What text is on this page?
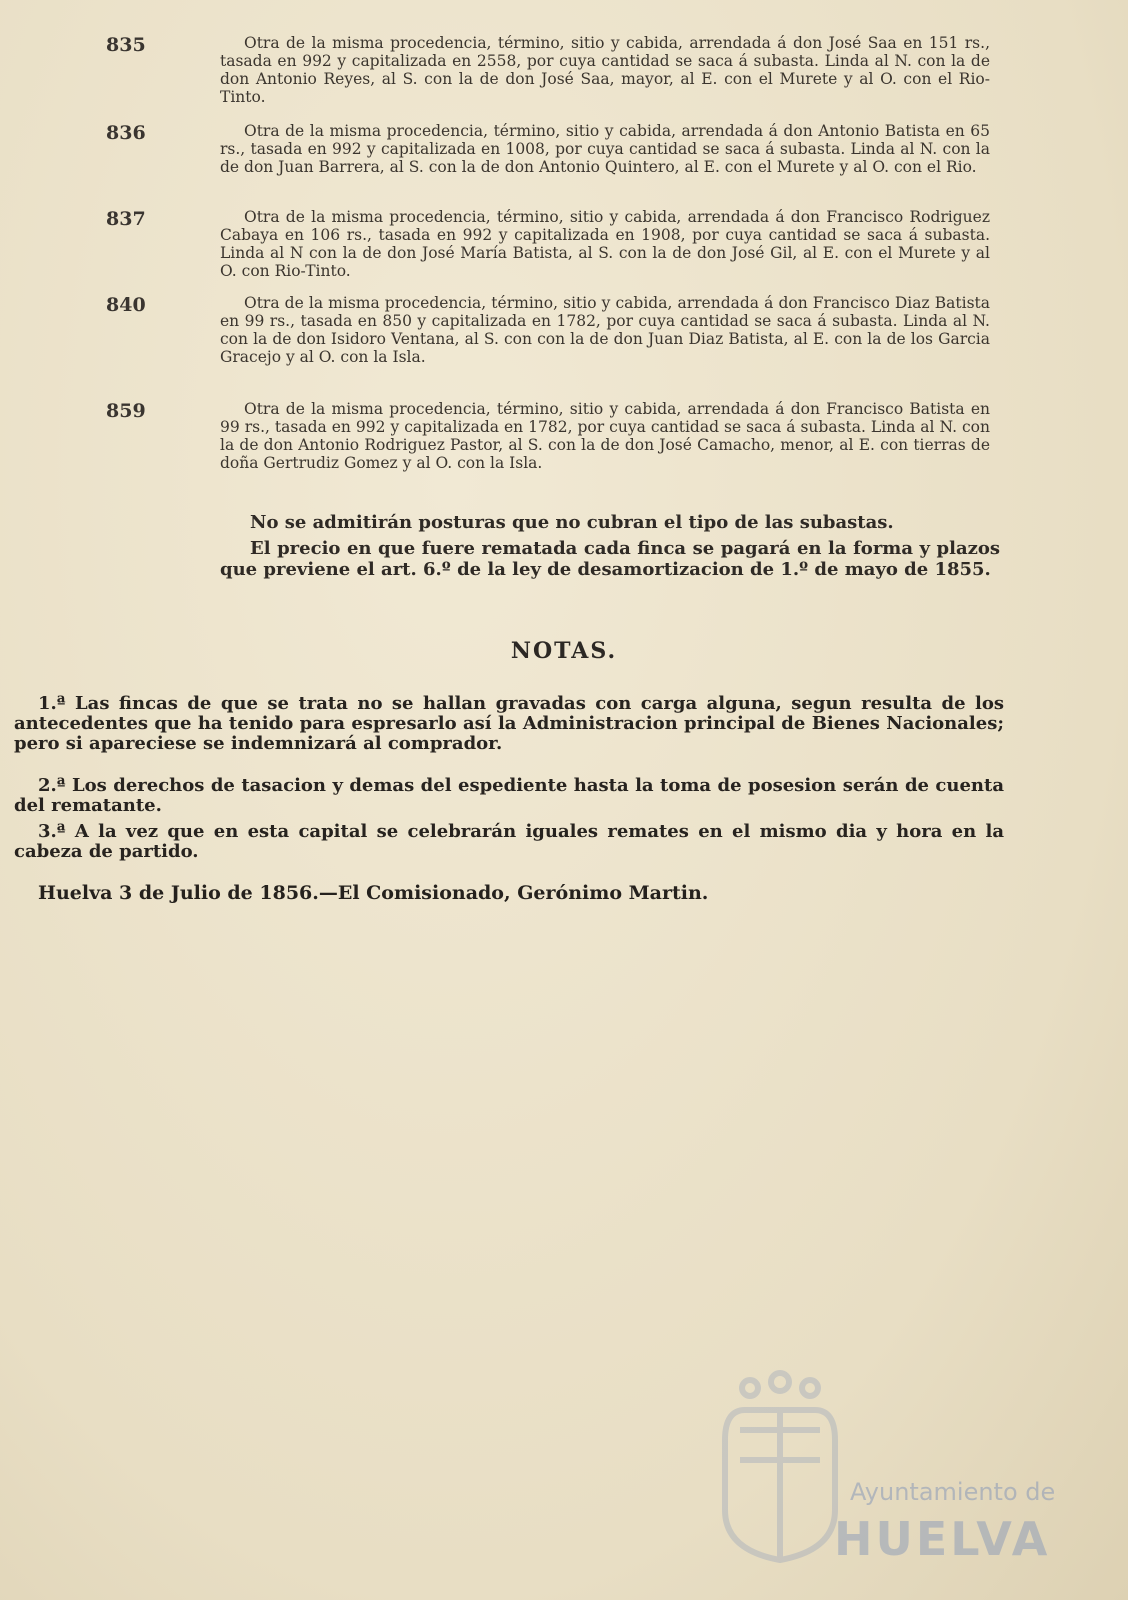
835	Otra de la misma procedencia, término, sitio y cabida, arrendada á don José Saa en 151 rs., tasada en 992 y capitalizada en 2558, por cuya cantidad se saca á subasta. Linda al N. con la de don Antonio Reyes, al S. con la de don José Saa, mayor, al E. con el Murete y al O. con el Rio-Tinto.
836	Otra de la misma procedencia, término, sitio y cabida, arrendada á don Antonio Batista en 65 rs., tasada en 992 y capitalizada en 1008, por cuya cantidad se saca á subasta. Linda al N. con la de don Juan Barrera, al S. con la de don Antonio Quintero, al E. con el Murete y al O. con el Rio.
837	Otra de la misma procedencia, término, sitio y cabida, arrendada á don Francisco Rodriguez Cabaya en 106 rs., tasada en 992 y capitalizada en 1908, por cuya cantidad se saca á subasta. Linda al N con la de don José María Batista, al S. con la de don José Gil, al E. con el Murete y al O. con Rio-Tinto.
840	Otra de la misma procedencia, término, sitio y cabida, arrendada á don Francisco Diaz Batista en 99 rs., tasada en 850 y capitalizada en 1782, por cuya cantidad se saca á subasta. Linda al N. con la de don Isidoro Ventana, al S. con con la de don Juan Diaz Batista, al E. con la de los Garcia Gracejo y al O. con la Isla.
859	Otra de la misma procedencia, término, sitio y cabida, arrendada á don Francisco Batista en 99 rs., tasada en 992 y capitalizada en 1782, por cuya cantidad se saca á subasta. Linda al N. con la de don Antonio Rodriguez Pastor, al S. con la de don José Camacho, menor, al E. con tierras de doña Gertrudiz Gomez y al O. con la Isla.
No se admitirán posturas que no cubran el tipo de las subastas.
El precio en que fuere rematada cada finca se pagará en la forma y plazos que previene el art. 6.º de la ley de desamortizacion de 1.º de mayo de 1855.
NOTAS.
1.ª Las fincas de que se trata no se hallan gravadas con carga alguna, segun resulta de los antecedentes que ha tenido para espresarlo así la Administracion principal de Bienes Nacionales; pero si apareciese se indemnizará al comprador.
2.ª Los derechos de tasacion y demas del espediente hasta la toma de posesion serán de cuenta del rematante.
3.ª A la vez que en esta capital se celebrarán iguales remates en el mismo dia y hora en la cabeza de partido.
Huelva 3 de Julio de 1856.—El Comisionado, Gerónimo Martin.
Ayuntamiento de
HUELVA
